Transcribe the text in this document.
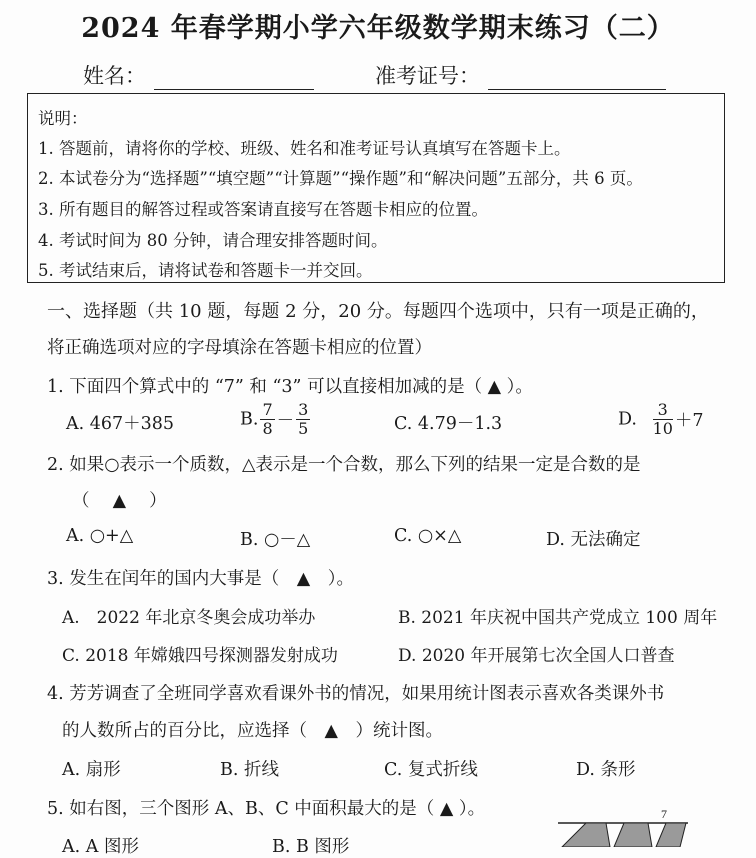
2024 年春学期小学六年级数学期末练习（二）
姓名：	准考证号：
说明：
1. 答题前，请将你的学校、班级、姓名和准考证号认真填写在答题卡上。
2. 本试卷分为“选择题”“填空题”“计算题”“操作题”和“解决问题”五部分，共 6 页。
3. 所有题目的解答过程或答案请直接写在答题卡相应的位置。
4. 考试时间为 80 分钟，请合理安排答题时间。
5. 考试结束后，请将试卷和答题卡一并交回。
一、选择题（共 10 题，每题 2 分，20 分。每题四个选项中，只有一项是正确的，
将正确选项对应的字母填涂在答题卡相应的位置）
1. 下面四个算式中的 “7” 和 “3” 可以直接相加减的是（ ▲ ）。
A. 467＋385	B. $\frac{7}{8} - \frac{3}{5}$	C. 4.79－1.3	D. $\frac{3}{10} +7$
2. 如果○表示一个质数，△表示是一个合数，那么下列的结果一定是合数的是
（　 ▲ 　）
A. ○+△	B. ○－△	C. ○×△	D. 无法确定
3. 发生在闰年的国内大事是（　▲　）。
A.　2022 年北京冬奥会成功举办	B. 2021 年庆祝中国共产党成立 100 周年
C. 2018 年嫦娥四号探测器发射成功	D. 2020 年开展第七次全国人口普查
4. 芳芳调查了全班同学喜欢看课外书的情况，如果用统计图表示喜欢各类课外书
的人数所占的百分比，应选择（　▲　）统计图。
A. 扇形	B. 折线	C. 复式折线	D. 条形
5. 如右图，三个图形 A、B、C 中面积最大的是（ ▲ ）。
A. A 图形	B. B 图形
7
